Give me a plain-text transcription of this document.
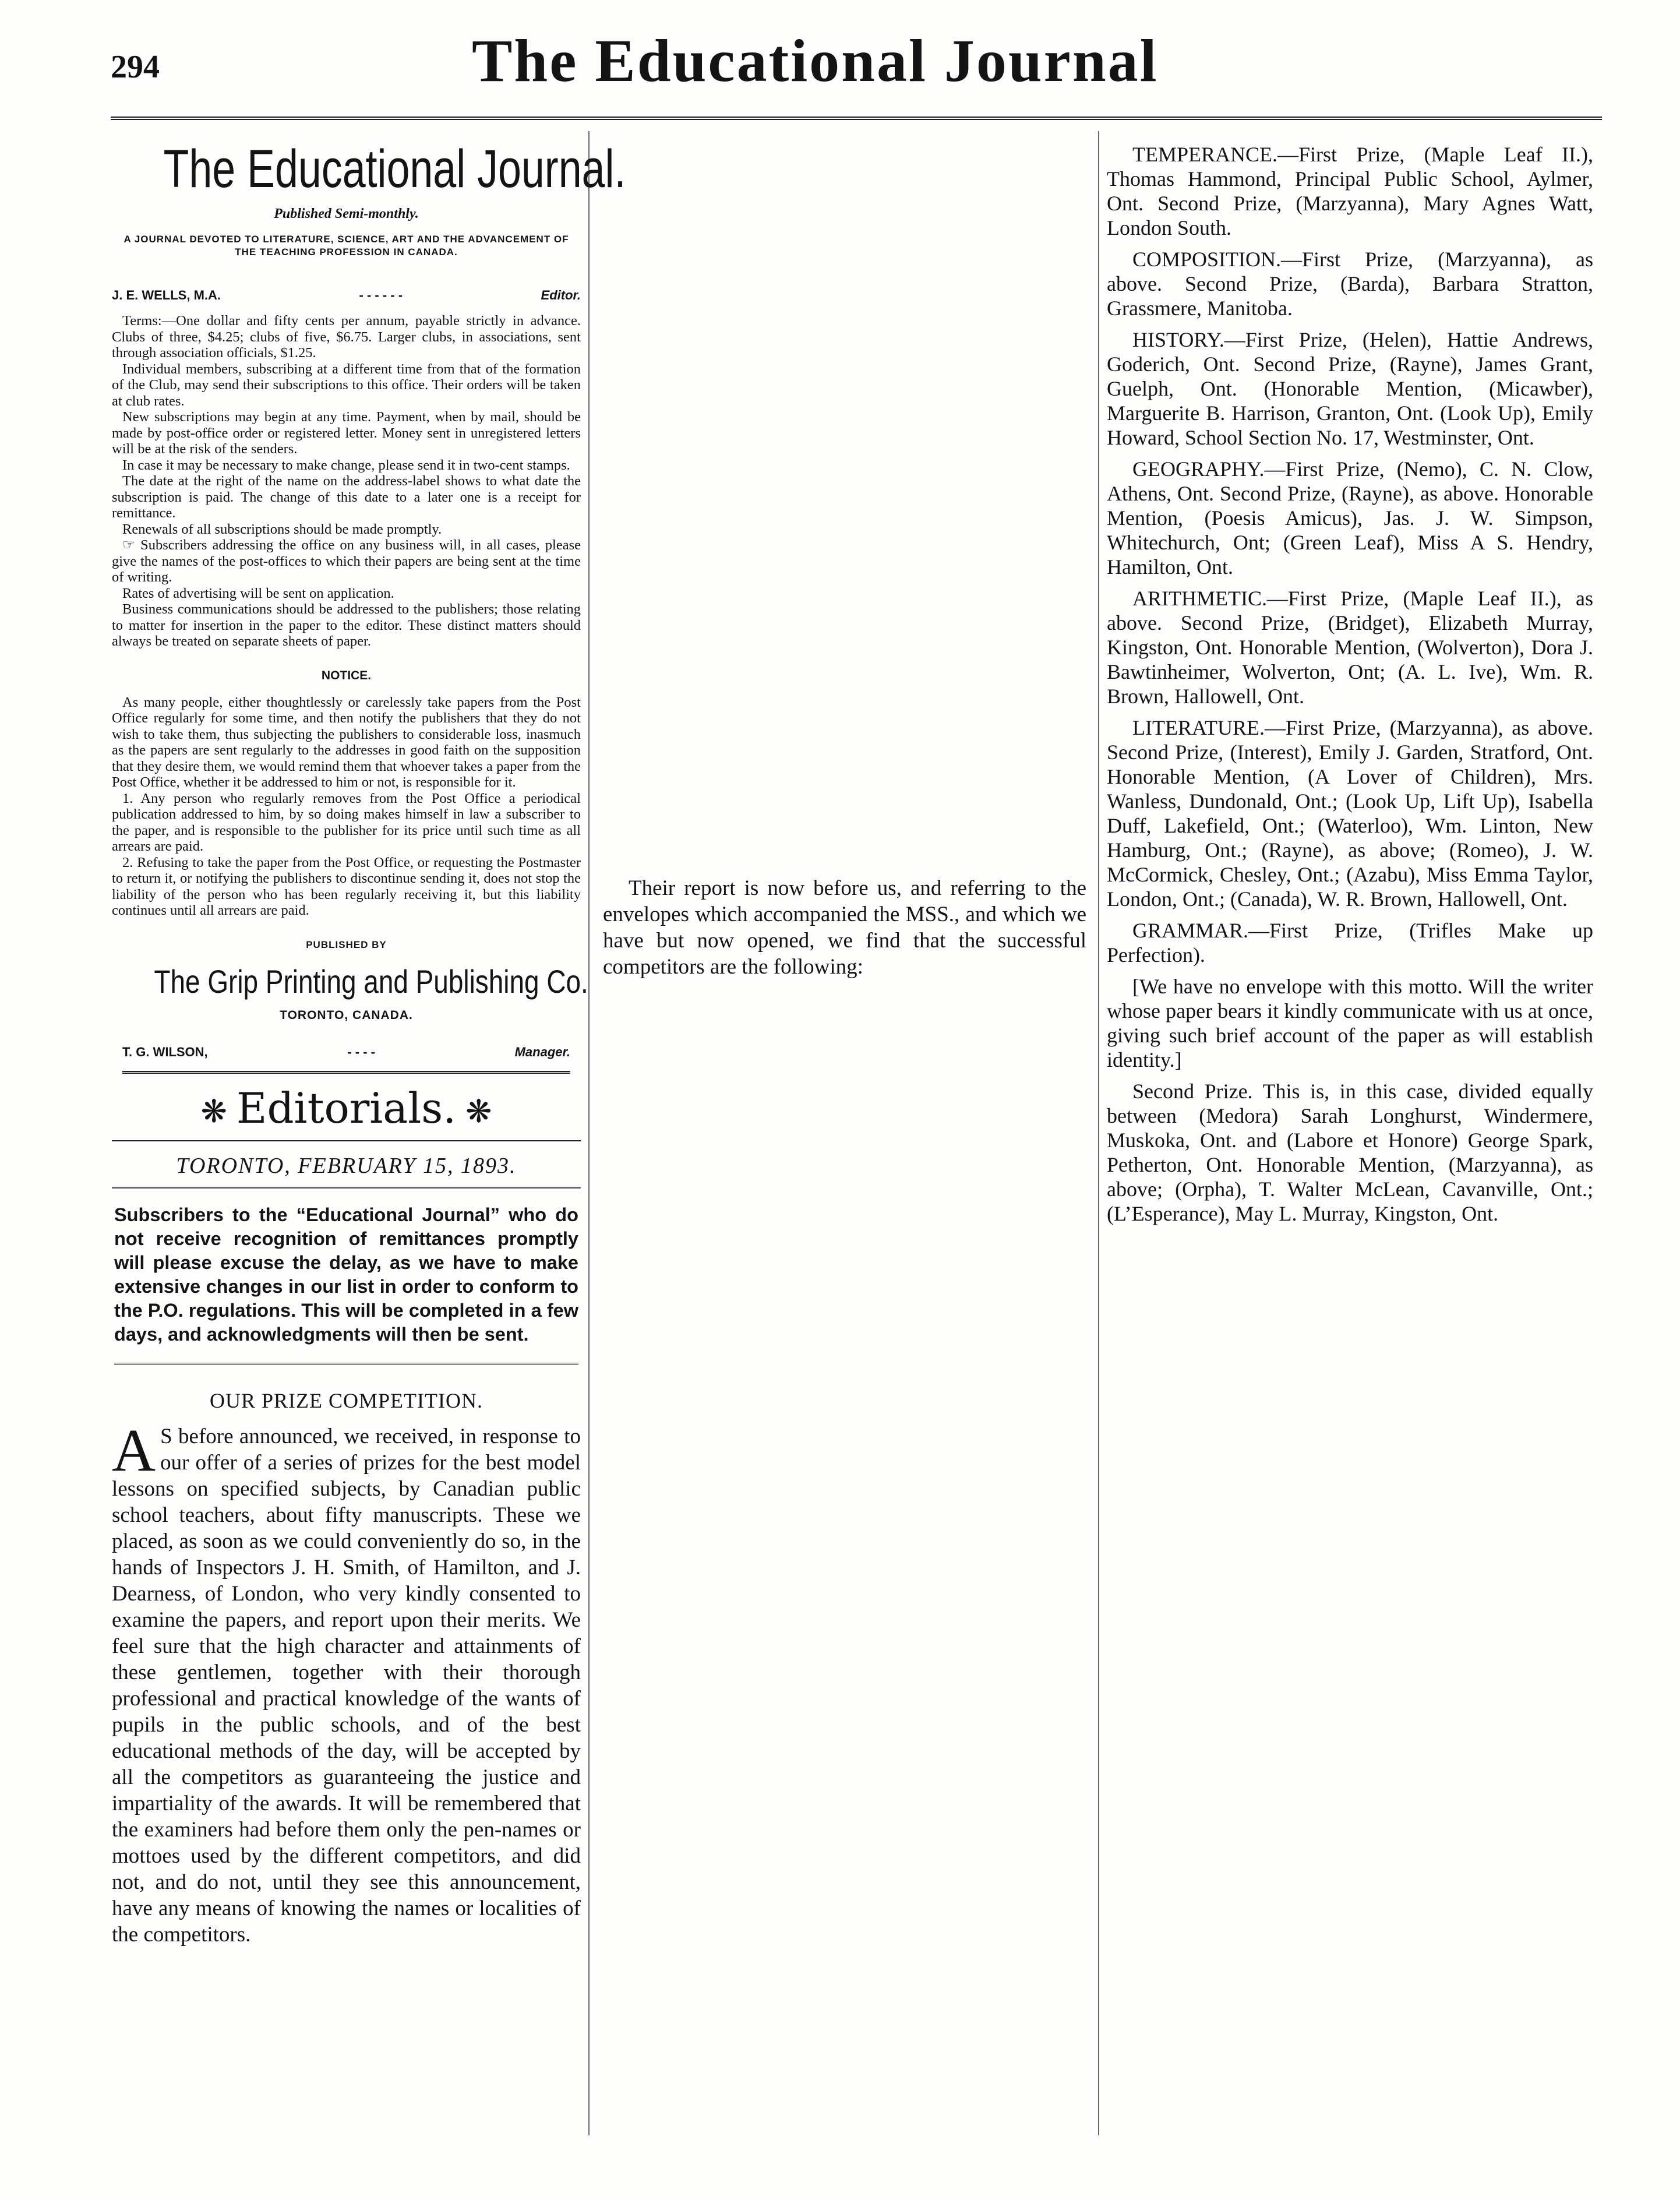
294	The Educational Journal
The Educational Journal.
Published Semi-monthly.
A JOURNAL DEVOTED TO LITERATURE, SCIENCE, ART AND THE ADVANCEMENT OF THE TEACHING PROFESSION IN CANADA.
J. E. WELLS, M.A.	- - - - - -	Editor.

Terms:—One dollar and fifty cents per annum, payable strictly in advance. Clubs of three, $4.25; clubs of five, $6.75. Larger clubs, in associations, sent through association officials, $1.25.

Individual members, subscribing at a different time from that of the formation of the Club, may send their subscriptions to this office. Their orders will be taken at club rates.

New subscriptions may begin at any time. Payment, when by mail, should be made by post-office order or registered letter. Money sent in unregistered letters will be at the risk of the senders.

In case it may be necessary to make change, please send it in two-cent stamps.

The date at the right of the name on the address-label shows to what date the subscription is paid. The change of this date to a later one is a receipt for remittance.

Renewals of all subscriptions should be made promptly.

☞ Subscribers addressing the office on any business will, in all cases, please give the names of the post-offices to which their papers are being sent at the time of writing.

Rates of advertising will be sent on application.

Business communications should be addressed to the publishers; those relating to matter for insertion in the paper to the editor. These distinct matters should always be treated on separate sheets of paper.

NOTICE.

As many people, either thoughtlessly or carelessly take papers from the Post Office regularly for some time, and then notify the publishers that they do not wish to take them, thus subjecting the publishers to considerable loss, inasmuch as the papers are sent regularly to the addresses in good faith on the supposition that they desire them, we would remind them that whoever takes a paper from the Post Office, whether it be addressed to him or not, is responsible for it.

1. Any person who regularly removes from the Post Office a periodical publication addressed to him, by so doing makes himself in law a subscriber to the paper, and is responsible to the publisher for its price until such time as all arrears are paid.

2. Refusing to take the paper from the Post Office, or requesting the Postmaster to return it, or notifying the publishers to discontinue sending it, does not stop the liability of the person who has been regularly receiving it, but this liability continues until all arrears are paid.

PUBLISHED BY
The Grip Printing and Publishing Co.
TORONTO, CANADA.
T. G. WILSON,	- - - -	Manager.
❋ Editorials. ❋
TORONTO, FEBRUARY 15, 1893.
Subscribers to the “Educational Journal” who do not receive recognition of remittances promptly will please excuse the delay, as we have to make extensive changes in our list in order to conform to the P.O. regulations. This will be completed in a few days, and acknowledgments will then be sent.
OUR PRIZE COMPETITION.

A S before announced, we received, in response to our offer of a series of prizes for the best model lessons on specified subjects, by Canadian public school teachers, about fifty manuscripts. These we placed, as soon as we could conveniently do so, in the hands of Inspectors J. H. Smith, of Hamilton, and J. Dearness, of London, who very kindly consented to examine the papers, and report upon their merits. We feel sure that the high character and attainments of these gentlemen, together with their thorough professional and practical knowledge of the wants of pupils in the public schools, and of the best educational methods of the day, will be accepted by all the competitors as guaranteeing the justice and impartiality of the awards. It will be remembered that the examiners had before them only the pen-names or mottoes used by the different competitors, and did not, and do not, until they see this announcement, have any means of knowing the names or localities of the competitors.

Their report is now before us, and referring to the envelopes which accompanied the MSS., and which we have but now opened, we find that the successful competitors are the following:

TEMPERANCE.—First Prize, (Maple Leaf II.), Thomas Hammond, Principal Public School, Aylmer, Ont. Second Prize, (Marzyanna), Mary Agnes Watt, London South.

COMPOSITION.—First Prize, (Marzyanna), as above. Second Prize, (Barda), Barbara Stratton, Grassmere, Manitoba.

HISTORY.—First Prize, (Helen), Hattie Andrews, Goderich, Ont. Second Prize, (Rayne), James Grant, Guelph, Ont. (Honorable Mention, (Micawber), Marguerite B. Harrison, Granton, Ont. (Look Up), Emily Howard, School Section No. 17, Westminster, Ont.

GEOGRAPHY.—First Prize, (Nemo), C. N. Clow, Athens, Ont. Second Prize, (Rayne), as above. Honorable Mention, (Poesis Amicus), Jas. J. W. Simpson, Whitechurch, Ont; (Green Leaf), Miss A S. Hendry, Hamilton, Ont.

ARITHMETIC.—First Prize, (Maple Leaf II.), as above. Second Prize, (Bridget), Elizabeth Murray, Kingston, Ont. Honorable Mention, (Wolverton), Dora J. Bawtinheimer, Wolverton, Ont; (A. L. Ive), Wm. R. Brown, Hallowell, Ont.

LITERATURE.—First Prize, (Marzyanna), as above. Second Prize, (Interest), Emily J. Garden, Stratford, Ont. Honorable Mention, (A Lover of Children), Mrs. Wanless, Dundonald, Ont.; (Look Up, Lift Up), Isabella Duff, Lakefield, Ont.; (Waterloo), Wm. Linton, New Hamburg, Ont.; (Rayne), as above; (Romeo), J. W. McCormick, Chesley, Ont.; (Azabu), Miss Emma Taylor, London, Ont.; (Canada), W. R. Brown, Hallowell, Ont.

GRAMMAR.—First Prize, (Trifles Make up Perfection).

[We have no envelope with this motto. Will the writer whose paper bears it kindly communicate with us at once, giving such brief account of the paper as will establish identity.]

Second Prize. This is, in this case, divided equally between (Medora) Sarah Longhurst, Windermere, Muskoka, Ont. and (Labore et Honore) George Spark, Petherton, Ont. Honorable Mention, (Marzyanna), as above; (Orpha), T. Walter McLean, Cavanville, Ont.; (L’Esperance), May L. Murray, Kingston, Ont.
